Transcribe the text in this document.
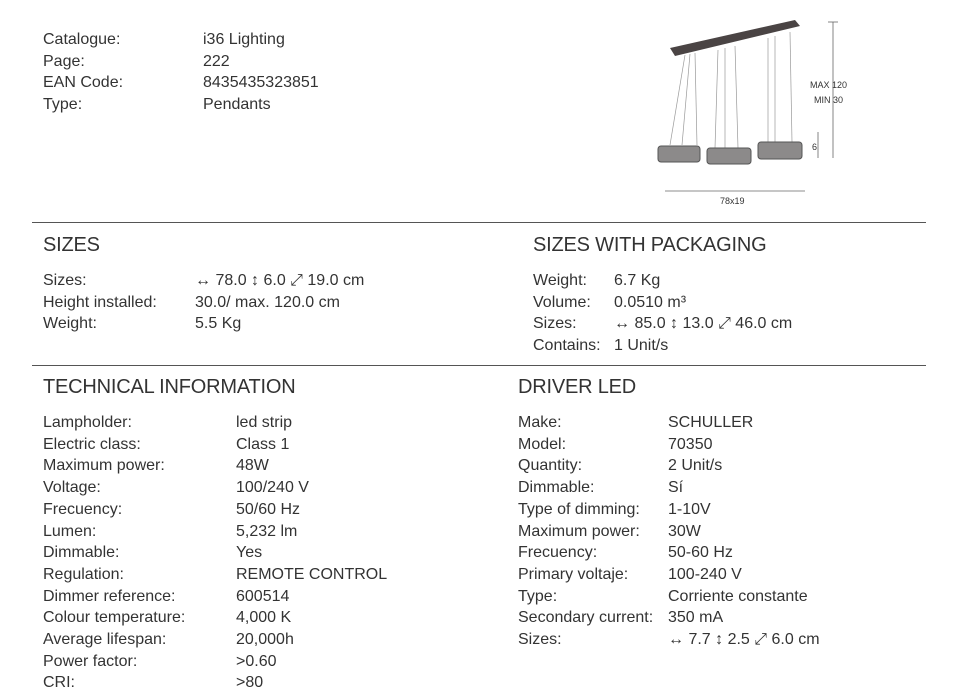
Catalogue:	i36 Lighting
Page:	222
EAN Code:	8435435323851
Type:	Pendants
MAX 120
MIN 30
6
78x19
SIZES	SIZES WITH PACKAGING
Sizes:	↔ 78.0 ↕ 6.0 ⤢ 19.0 cm
Height installed: 30.0/ max. 120.0 cm
Weight:	5.5 Kg
Weight: 6.7 Kg
Volume: 0.0510 m³
Sizes: ↔ 85.0 ↕ 13.0 ⤢ 46.0 cm
Contains: 1 Unit/s
TECHNICAL INFORMATION	DRIVER LED
Lampholder:	led strip
Electric class:	Class 1
Maximum power:	48W
Voltage:	100/240 V
Frecuency:	50/60 Hz
Lumen:	5,232 lm
Dimmable:	Yes
Regulation:	REMOTE CONTROL
Dimmer reference:	600514
Colour temperature:	4,000 K
Average lifespan:	20,000h
Power factor:	>0.60
CRI:	>80
Make:	SCHULLER
Model:	70350
Quantity:	2 Unit/s
Dimmable:	Sí
Type of dimming: 1-10V
Maximum power: 30W
Frecuency:	50-60 Hz
Primary voltaje: 100-240 V
Type:	Corriente constante
Secondary current: 350 mA
Sizes:	↔ 7.7 ↕ 2.5 ⤢ 6.0 cm
